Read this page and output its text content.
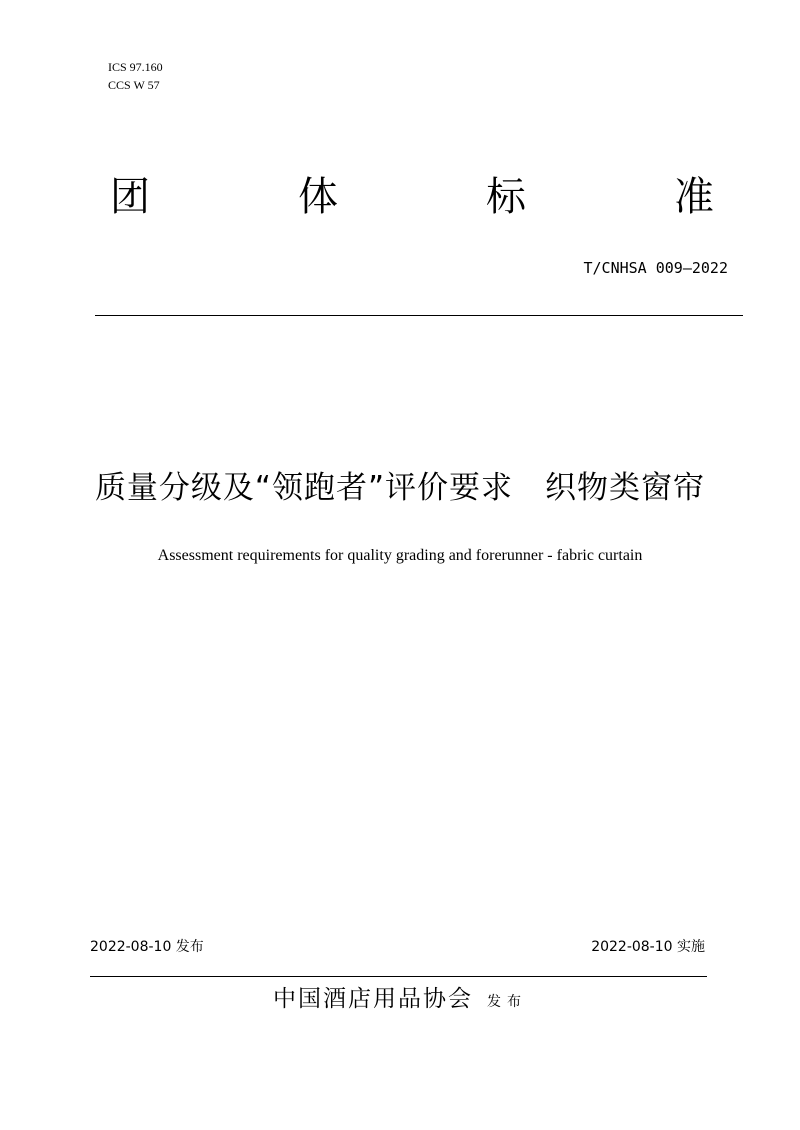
ICS 97.160
CCS W 57
团	体	标	准
T/CNHSA 009—2022
质量分级及“领跑者”评价要求　织物类窗帘
Assessment requirements for quality grading and forerunner - fabric curtain
2022-08-10 发布	2022-08-10 实施
中国酒店用品协会 发布
